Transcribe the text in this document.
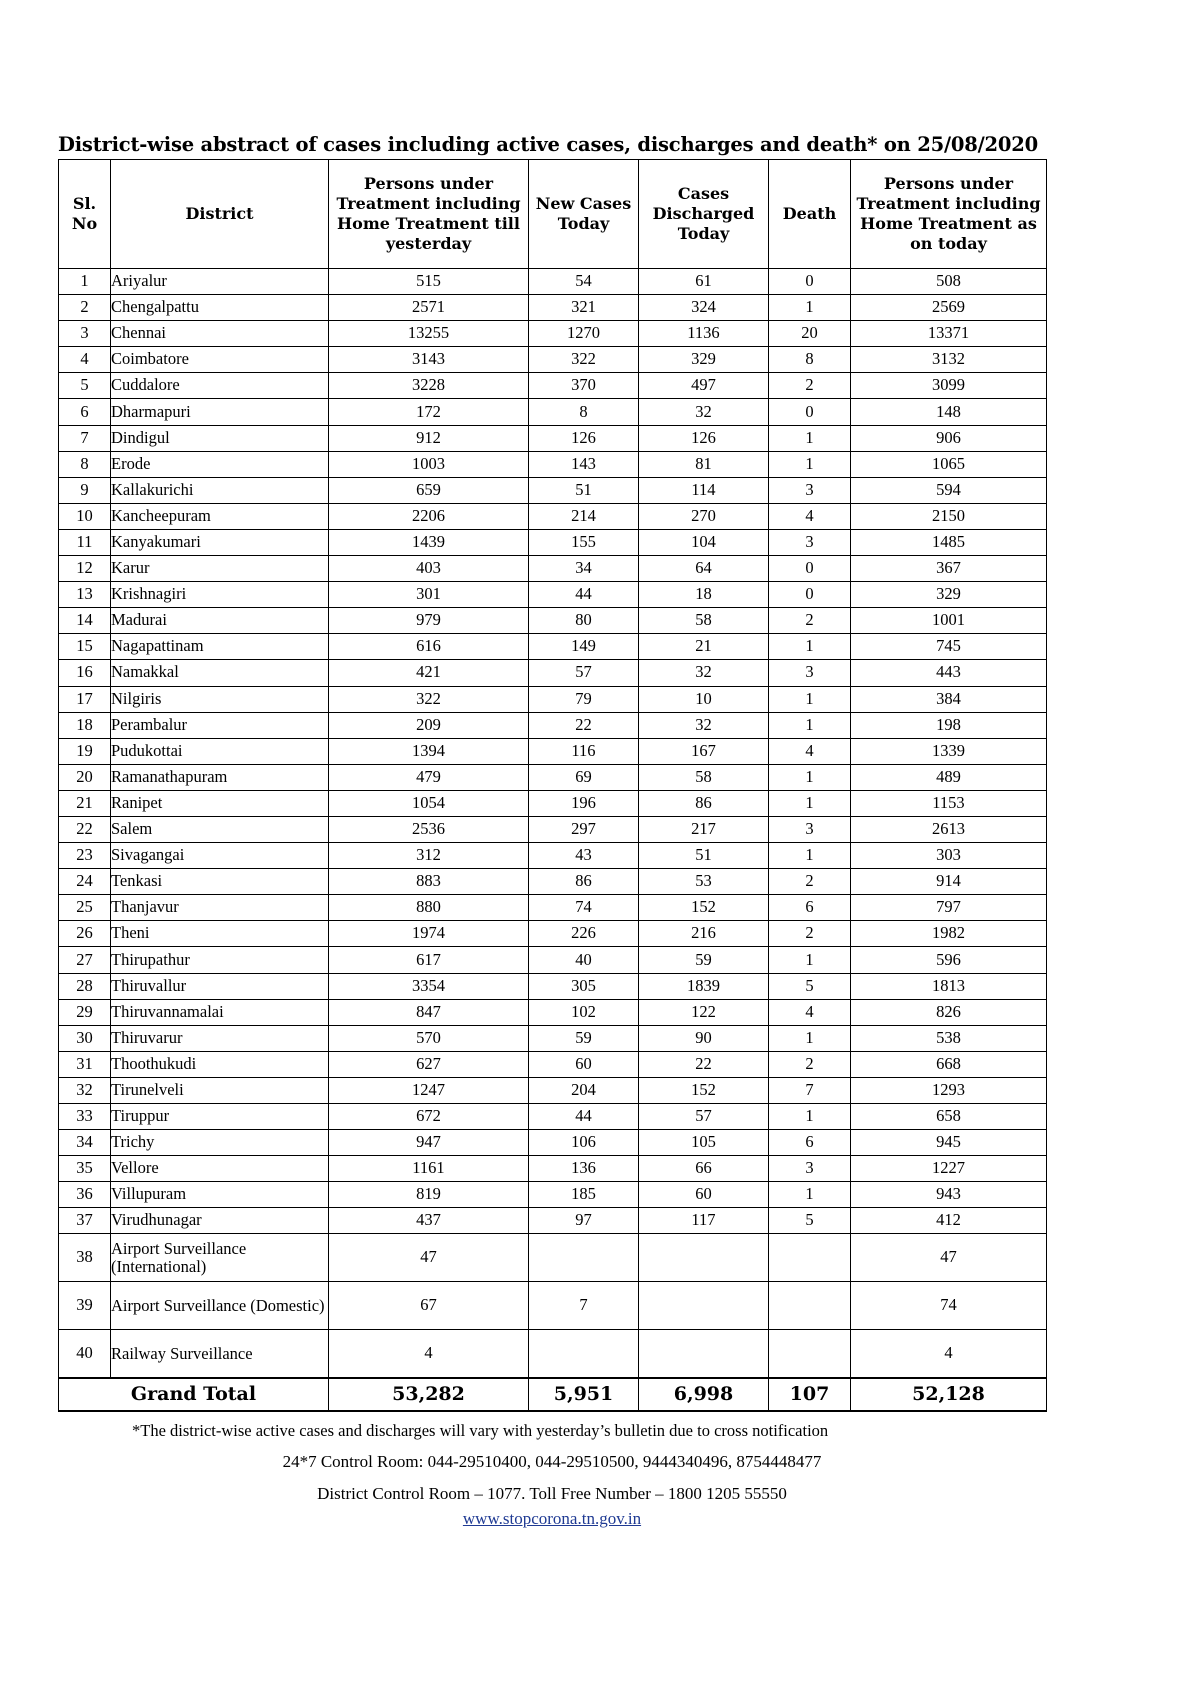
District-wise abstract of cases including active cases, discharges and death* on 25/08/2020
Sl.
No	District	Persons under Treatment including Home Treatment till yesterday	New Cases Today	Cases Discharged Today	Death	Persons under Treatment including Home Treatment as on today
1	Ariyalur	515	54	61	0	508
2	Chengalpattu	2571	321	324	1	2569
3	Chennai	13255	1270	1136	20	13371
4	Coimbatore	3143	322	329	8	3132
5	Cuddalore	3228	370	497	2	3099
6	Dharmapuri	172	8	32	0	148
7	Dindigul	912	126	126	1	906
8	Erode	1003	143	81	1	1065
9	Kallakurichi	659	51	114	3	594
10	Kancheepuram	2206	214	270	4	2150
11	Kanyakumari	1439	155	104	3	1485
12	Karur	403	34	64	0	367
13	Krishnagiri	301	44	18	0	329
14	Madurai	979	80	58	2	1001
15	Nagapattinam	616	149	21	1	745
16	Namakkal	421	57	32	3	443
17	Nilgiris	322	79	10	1	384
18	Perambalur	209	22	32	1	198
19	Pudukottai	1394	116	167	4	1339
20	Ramanathapuram	479	69	58	1	489
21	Ranipet	1054	196	86	1	1153
22	Salem	2536	297	217	3	2613
23	Sivagangai	312	43	51	1	303
24	Tenkasi	883	86	53	2	914
25	Thanjavur	880	74	152	6	797
26	Theni	1974	226	216	2	1982
27	Thirupathur	617	40	59	1	596
28	Thiruvallur	3354	305	1839	5	1813
29	Thiruvannamalai	847	102	122	4	826
30	Thiruvarur	570	59	90	1	538
31	Thoothukudi	627	60	22	2	668
32	Tirunelveli	1247	204	152	7	1293
33	Tiruppur	672	44	57	1	658
34	Trichy	947	106	105	6	945
35	Vellore	1161	136	66	3	1227
36	Villupuram	819	185	60	1	943
37	Virudhunagar	437	97	117	5	412
38	Airport Surveillance (International)	47				47
39	Airport Surveillance (Domestic)	67	7			74
40	Railway Surveillance	4				4
Grand Total		53,282	5,951	6,998	107	52,128
*The district-wise active cases and discharges will vary with yesterday’s bulletin due to cross notification
24*7 Control Room: 044-29510400, 044-29510500, 9444340496, 8754448477
District Control Room – 1077. Toll Free Number – 1800 1205 55550
www.stopcorona.tn.gov.in
